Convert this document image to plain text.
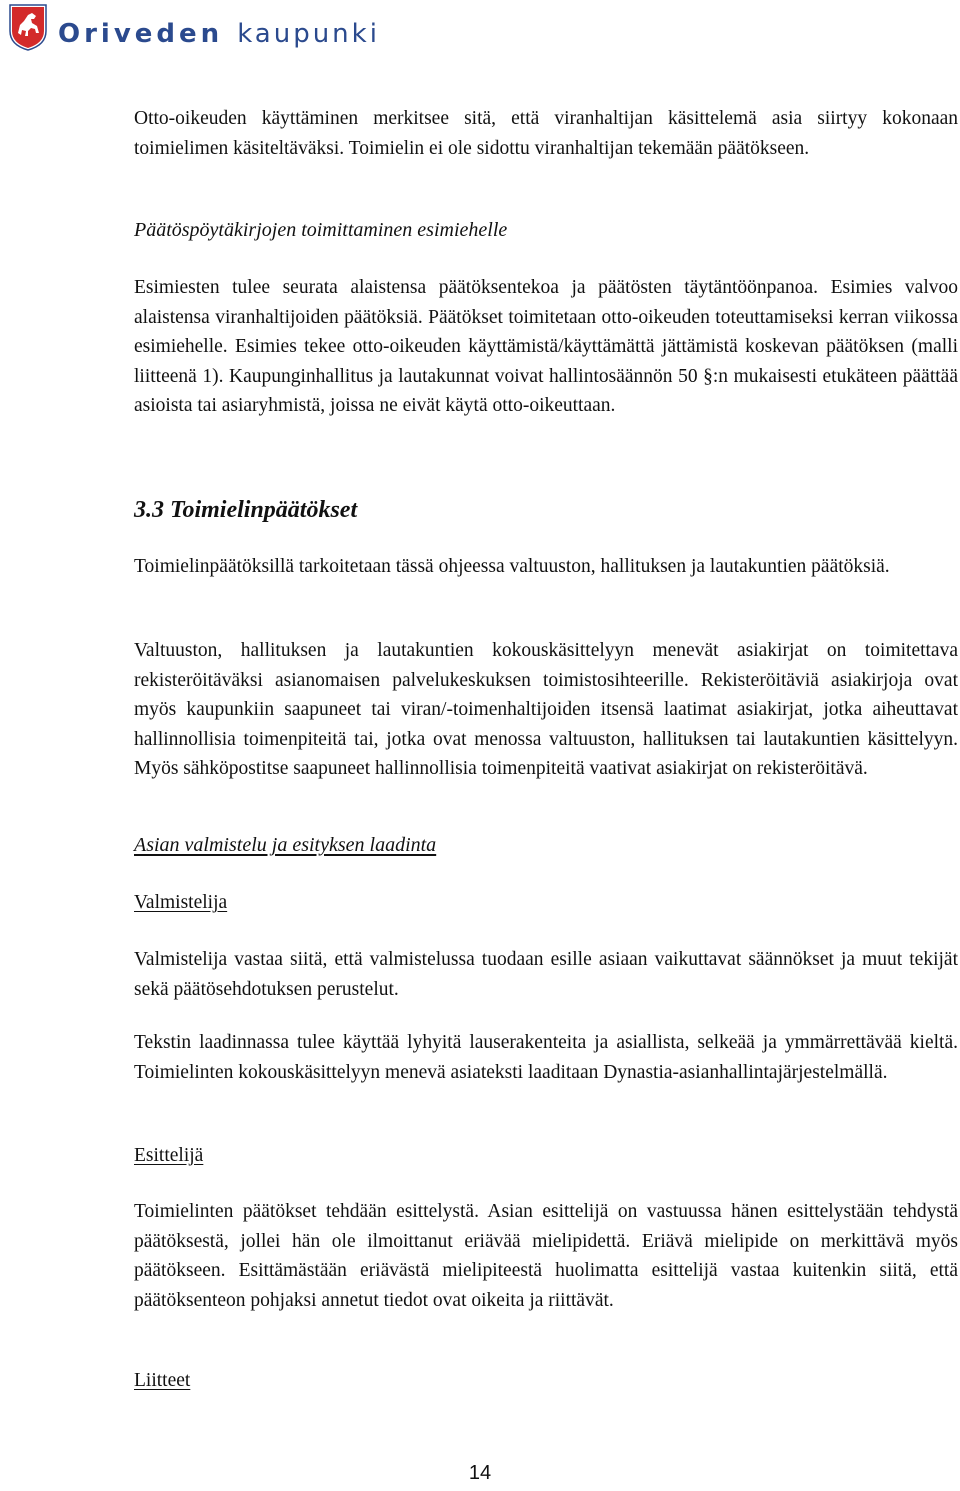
Oriveden kaupunki

Otto-oikeuden käyttäminen merkitsee sitä, että viranhaltijan käsittelemä asia siirtyy kokonaan toimielimen käsiteltäväksi. Toimielin ei ole sidottu viranhaltijan tekemään päätökseen.

Päätöspöytäkirjojen toimittaminen esimiehelle

Esimiesten tulee seurata alaistensa päätöksentekoa ja päätösten täytäntöönpanoa. Esimies valvoo alaistensa viranhaltijoiden päätöksiä. Päätökset toimitetaan otto-oikeuden toteuttamiseksi kerran viikossa esimiehelle. Esimies tekee otto-oikeuden käyttämistä/käyttämättä jättämistä koskevan päätöksen (malli liitteenä 1). Kaupunginhallitus ja lautakunnat voivat hallintosäännön 50 §:n mukaisesti etukäteen päättää asioista tai asiaryhmistä, joissa ne eivät käytä otto-oikeuttaan.

3.3 Toimielinpäätökset

Toimielinpäätöksillä tarkoitetaan tässä ohjeessa valtuuston, hallituksen ja lautakuntien päätöksiä.

Valtuuston, hallituksen ja lautakuntien kokouskäsittelyyn menevät asiakirjat on toimitettava rekisteröitäväksi asianomaisen palvelukeskuksen toimistosihteerille. Rekisteröitäviä asiakirjoja ovat myös kaupunkiin saapuneet tai viran/-toimenhaltijoiden itsensä laatimat asiakirjat, jotka aiheuttavat hallinnollisia toimenpiteitä tai, jotka ovat menossa valtuuston, hallituksen tai lautakuntien käsittelyyn. Myös sähköpostitse saapuneet hallinnollisia toimenpiteitä vaativat asiakirjat on rekisteröitävä.

Asian valmistelu ja esityksen laadinta

Valmistelija

Valmistelija vastaa siitä, että valmistelussa tuodaan esille asiaan vaikuttavat säännökset ja muut tekijät sekä päätösehdotuksen perustelut.

Tekstin laadinnassa tulee käyttää lyhyitä lauserakenteita ja asiallista, selkeää ja ymmärrettävää kieltä. Toimielinten kokouskäsittelyyn menevä asiateksti laaditaan Dynastia-asianhallintajärjestelmällä.

Esittelijä

Toimielinten päätökset tehdään esittelystä. Asian esittelijä on vastuussa hänen esittelystään tehdystä päätöksestä, jollei hän ole ilmoittanut eriävää mielipidettä. Eriävä mielipide on merkittävä myös päätökseen. Esittämästään eriävästä mielipiteestä huolimatta esittelijä vastaa kuitenkin siitä, että päätöksenteon pohjaksi annetut tiedot ovat oikeita ja riittävät.

Liitteet

14
